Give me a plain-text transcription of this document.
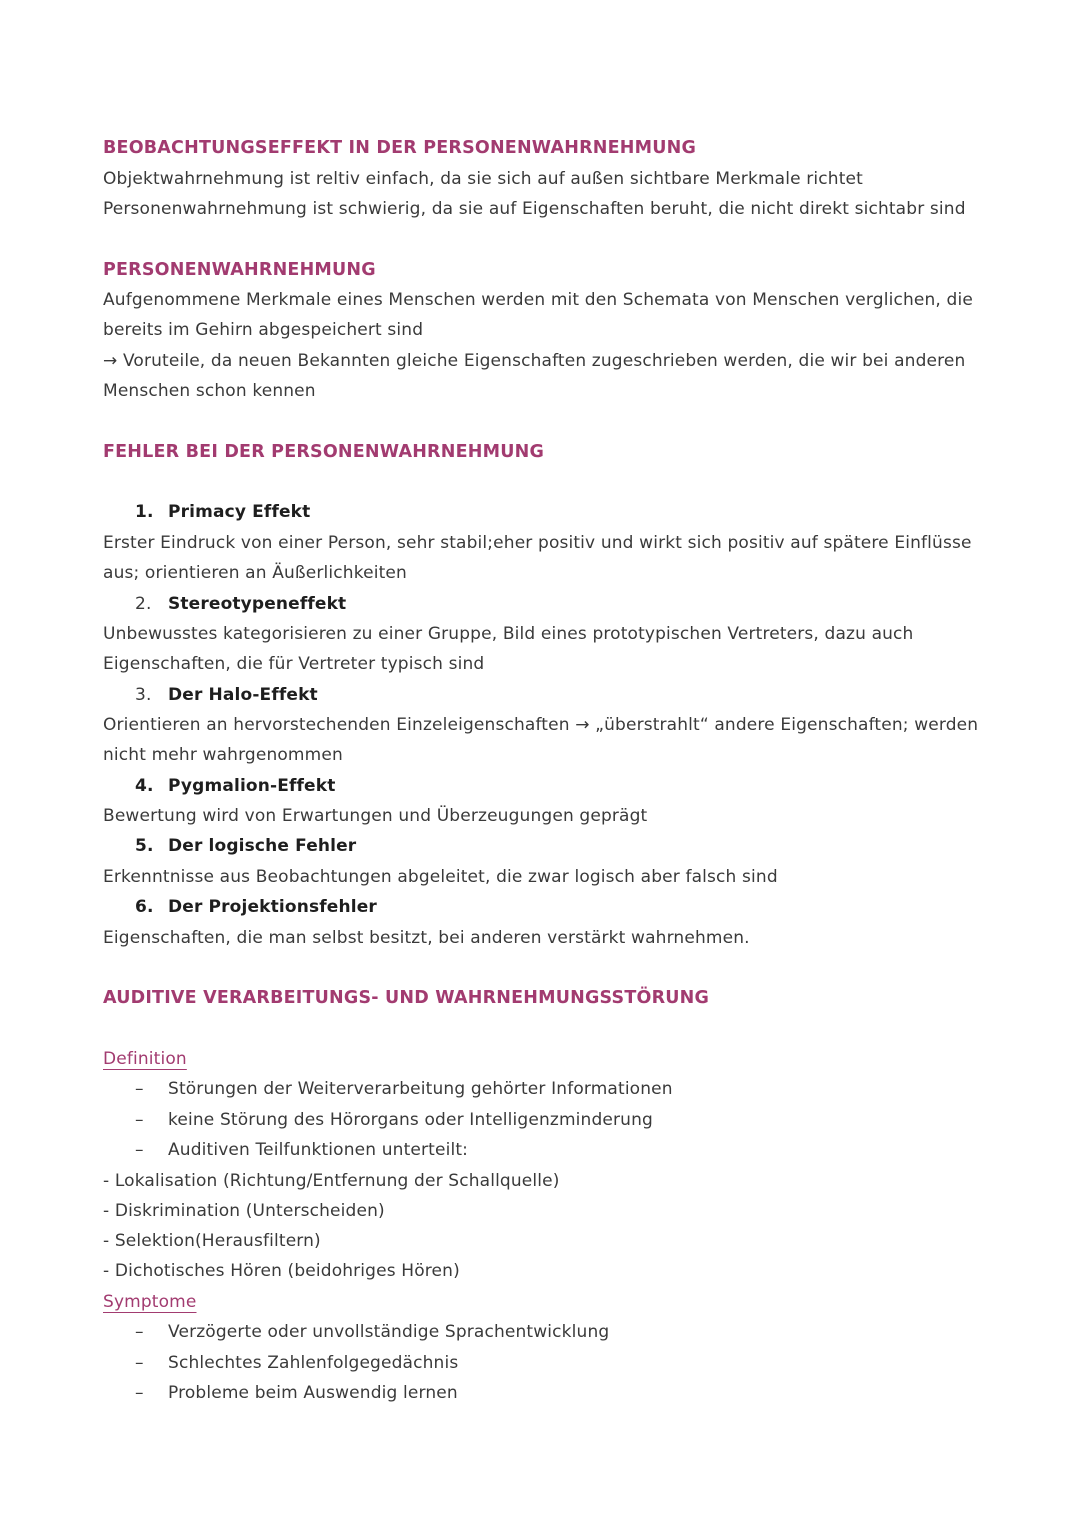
BEOBACHTUNGSEFFEKT IN DER PERSONENWAHRNEHMUNG
Objektwahrnehmung ist reltiv einfach, da sie sich auf außen sichtbare Merkmale richtet
Personenwahrnehmung ist schwierig, da sie auf Eigenschaften beruht, die nicht direkt sichtabr sind
PERSONENWAHRNEHMUNG
Aufgenommene Merkmale eines Menschen werden mit den Schemata von Menschen verglichen, die
bereits im Gehirn abgespeichert sind
→ Voruteile, da neuen Bekannten gleiche Eigenschaften zugeschrieben werden, die wir bei anderen
Menschen schon kennen
FEHLER BEI DER PERSONENWAHRNEHMUNG
1. Primacy Effekt
Erster Eindruck von einer Person, sehr stabil;eher positiv und wirkt sich positiv auf spätere Einflüsse
aus; orientieren an Äußerlichkeiten
2. Stereotypeneffekt
Unbewusstes kategorisieren zu einer Gruppe, Bild eines prototypischen Vertreters, dazu auch
Eigenschaften, die für Vertreter typisch sind
3. Der Halo-Effekt
Orientieren an hervorstechenden Einzeleigenschaften → „überstrahlt“ andere Eigenschaften; werden
nicht mehr wahrgenommen
4. Pygmalion-Effekt
Bewertung wird von Erwartungen und Überzeugungen geprägt
5. Der logische Fehler
Erkenntnisse aus Beobachtungen abgeleitet, die zwar logisch aber falsch sind
6. Der Projektionsfehler
Eigenschaften, die man selbst besitzt, bei anderen verstärkt wahrnehmen.
AUDITIVE VERARBEITUNGS- UND WAHRNEHMUNGSSTÖRUNG
Definition
– Störungen der Weiterverarbeitung gehörter Informationen
– keine Störung des Hörorgans oder Intelligenzminderung
– Auditiven Teilfunktionen unterteilt:
- Lokalisation (Richtung/Entfernung der Schallquelle)
- Diskrimination (Unterscheiden)
- Selektion(Herausfiltern)
- Dichotisches Hören (beidohriges Hören)
Symptome
– Verzögerte oder unvollständige Sprachentwicklung
– Schlechtes Zahlenfolgegedächnis
– Probleme beim Auswendig lernen
